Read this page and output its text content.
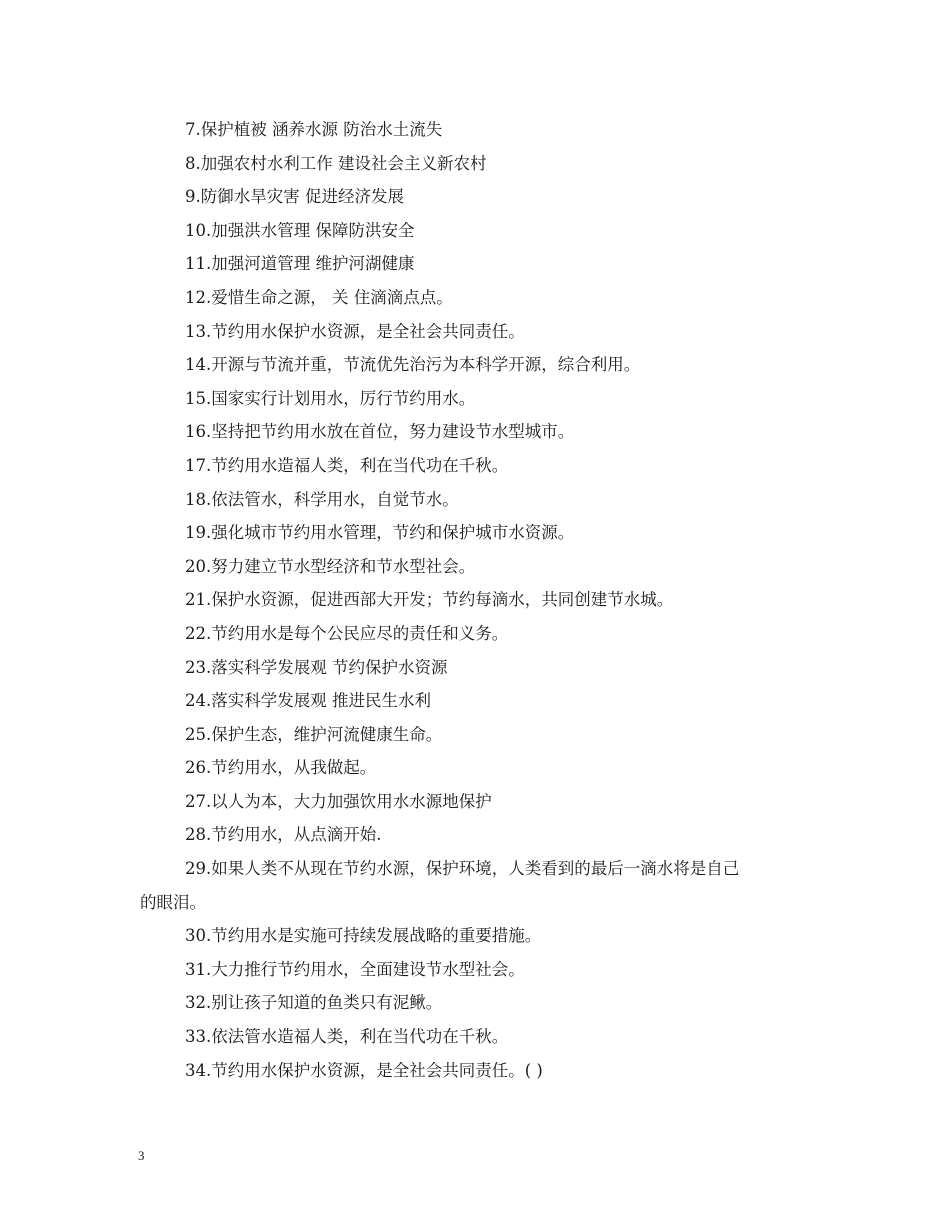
7.保护植被 涵养水源 防治水土流失
8.加强农村水利工作 建设社会主义新农村
9.防御水旱灾害 促进经济发展
10.加强洪水管理 保障防洪安全
11.加强河道管理 维护河湖健康
12.爱惜生命之源， 关 住滴滴点点。
13.节约用水保护水资源，是全社会共同责任。
14.开源与节流并重，节流优先治污为本科学开源，综合利用。
15.国家实行计划用水，厉行节约用水。
16.坚持把节约用水放在首位，努力建设节水型城市。
17.节约用水造福人类，利在当代功在千秋。
18.依法管水，科学用水，自觉节水。
19.强化城市节约用水管理，节约和保护城市水资源。
20.努力建立节水型经济和节水型社会。
21.保护水资源，促进西部大开发；节约每滴水，共同创建节水城。
22.节约用水是每个公民应尽的责任和义务。
23.落实科学发展观 节约保护水资源
24.落实科学发展观 推进民生水利
25.保护生态，维护河流健康生命。
26.节约用水，从我做起。
27.以人为本，大力加强饮用水水源地保护
28.节约用水，从点滴开始.
29.如果人类不从现在节约水源，保护环境，人类看到的最后一滴水将是自己
的眼泪。
30.节约用水是实施可持续发展战略的重要措施。
31.大力推行节约用水，全面建设节水型社会。
32.别让孩子知道的鱼类只有泥鳅。
33.依法管水造福人类，利在当代功在千秋。
34.节约用水保护水资源，是全社会共同责任。( )
3
